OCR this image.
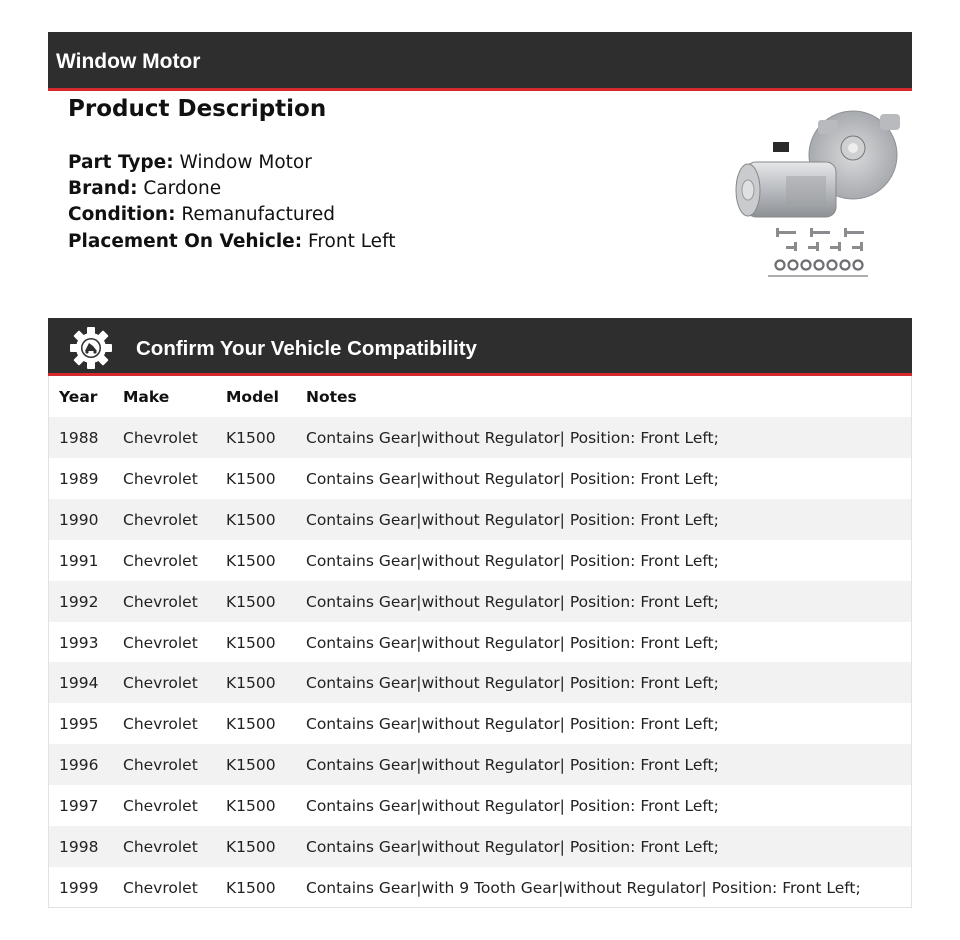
Window Motor
Product Description
Part Type: Window Motor
Brand: Cardone
Condition: Remanufactured
Placement On Vehicle: Front Left
Confirm Your Vehicle Compatibility
Year Make	Model Notes
1988 Chevrolet K1500 Contains Gear|without Regulator| Position: Front Left;
1989 Chevrolet K1500 Contains Gear|without Regulator| Position: Front Left;
1990 Chevrolet K1500 Contains Gear|without Regulator| Position: Front Left;
1991 Chevrolet K1500 Contains Gear|without Regulator| Position: Front Left;
1992 Chevrolet K1500 Contains Gear|without Regulator| Position: Front Left;
1993 Chevrolet K1500 Contains Gear|without Regulator| Position: Front Left;
1994 Chevrolet K1500 Contains Gear|without Regulator| Position: Front Left;
1995 Chevrolet K1500 Contains Gear|without Regulator| Position: Front Left;
1996 Chevrolet K1500 Contains Gear|without Regulator| Position: Front Left;
1997 Chevrolet K1500 Contains Gear|without Regulator| Position: Front Left;
1998 Chevrolet K1500 Contains Gear|without Regulator| Position: Front Left;
1999 Chevrolet K1500 Contains Gear|with 9 Tooth Gear|without Regulator| Position: Front Left;
